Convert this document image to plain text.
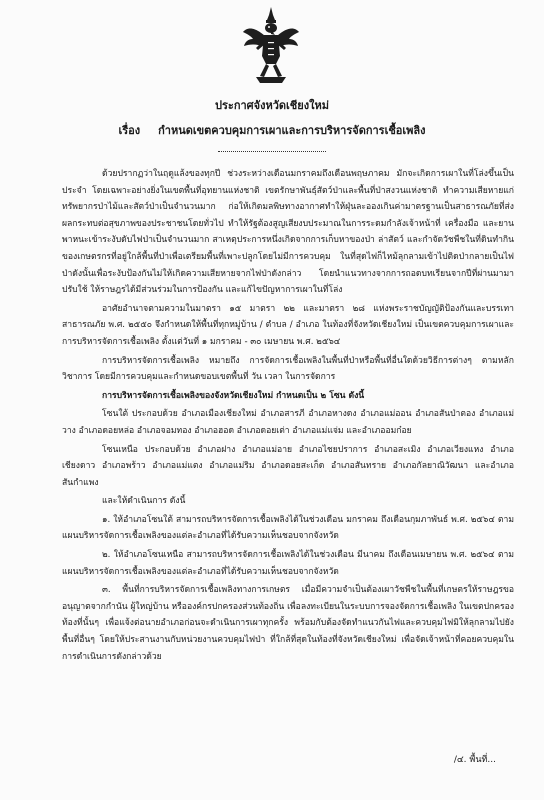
ประกาศจังหวัดเชียงใหม่
เรื่อง กำหนดเขตควบคุมการเผาและการบริหารจัดการเชื้อเพลิง

ด้วยปรากฏว่าในฤดูแล้งของทุกปี ช่วงระหว่างเดือนมกราคมถึงเดือนพฤษภาคม มักจะเกิดการเผาในที่โล่งขึ้นเป็นประจำ โดยเฉพาะอย่างยิ่งในเขตพื้นที่อุทยานแห่งชาติ เขตรักษาพันธุ์สัตว์ป่าและพื้นที่ป่าสงวนแห่งชาติ ทำความเสียหายแก่ทรัพยากรป่าไม้และสัตว์ป่าเป็นจำนวนมาก ก่อให้เกิดมลพิษทางอากาศทำให้ฝุ่นละอองเกินค่ามาตรฐานเป็นสาธารณภัยที่ส่งผลกระทบต่อสุขภาพของประชาชนโดยทั่วไป ทำให้รัฐต้องสูญเสียงบประมาณในการระดมกำลังเจ้าหน้าที่ เครื่องมือ และยานพาหนะเข้าระงับดับไฟป่าเป็นจำนวนมาก สาเหตุประการหนึ่งเกิดจากการเก็บหาของป่า ล่าสัตว์ และกำจัดวัชพืชในที่ดินทำกินของเกษตรกรที่อยู่ใกล้พื้นที่ป่าเพื่อเตรียมพื้นที่เพาะปลูกโดยไม่มีการควบคุม ในที่สุดไฟก็ไหม้ลุกลามเข้าไปติดป่ากลายเป็นไฟป่าดังนั้นเพื่อระงับป้องกันไม่ให้เกิดความเสียหายจากไฟป่าดังกล่าว โดยนำแนวทางจากการถอดบทเรียนจากปีที่ผ่านมามาปรับใช้ ให้ราษฎรได้มีส่วนร่วมในการป้องกัน และแก้ไขปัญหาการเผาในที่โล่ง

อาศัยอำนาจตามความในมาตรา ๑๕ มาตรา ๒๒ และมาตรา ๒๘ แห่งพระราชบัญญัติป้องกันและบรรเทาสาธารณภัย พ.ศ. ๒๕๕๐ จึงกำหนดให้พื้นที่ทุกหมู่บ้าน / ตำบล / อำเภอ ในท้องที่จังหวัดเชียงใหม่ เป็นเขตควบคุมการเผาและการบริหารจัดการเชื้อเพลิง ตั้งแต่วันที่ ๑ มกราคม - ๓๐ เมษายน พ.ศ. ๒๕๖๔

การบริหารจัดการเชื้อเพลิง หมายถึง การจัดการเชื้อเพลิงในพื้นที่ป่าหรือพื้นที่อื่นใดด้วยวิธีการต่างๆ ตามหลักวิชาการ โดยมีการควบคุมและกำหนดขอบเขตพื้นที่ วัน เวลา ในการจัดการ

การบริหารจัดการเชื้อเพลิงของจังหวัดเชียงใหม่ กำหนดเป็น ๒ โซน ดังนี้

โซนใต้ ประกอบด้วย อำเภอเมืองเชียงใหม่ อำเภอสารภี อำเภอหางดง อำเภอแม่ออน อำเภอสันป่าตอง อำเภอแม่วาง อำเภอดอยหล่อ อำเภอจอมทอง อำเภอฮอด อำเภอดอยเต่า อำเภอแม่แจ่ม และอำเภออมก๋อย

โซนเหนือ ประกอบด้วย อำเภอฝาง อำเภอแม่อาย อำเภอไชยปราการ อำเภอสะเมิง อำเภอเวียงแหง อำเภอเชียงดาว อำเภอพร้าว อำเภอแม่แตง อำเภอแม่ริม อำเภอดอยสะเก็ด อำเภอสันทราย อำเภอกัลยาณิวัฒนา และอำเภอสันกำแพง

และให้ดำเนินการ ดังนี้

๑. ให้อำเภอโซนใต้ สามารถบริหารจัดการเชื้อเพลิงได้ในช่วงเดือน มกราคม ถึงเดือนกุมภาพันธ์ พ.ศ. ๒๕๖๔ ตามแผนบริหารจัดการเชื้อเพลิงของแต่ละอำเภอที่ได้รับความเห็นชอบจากจังหวัด

๒. ให้อำเภอโซนเหนือ สามารถบริหารจัดการเชื้อเพลิงได้ในช่วงเดือน มีนาคม ถึงเดือนเมษายน พ.ศ. ๒๕๖๔ ตามแผนบริหารจัดการเชื้อเพลิงของแต่ละอำเภอที่ได้รับความเห็นชอบจากจังหวัด

๓. พื้นที่การบริหารจัดการเชื้อเพลิงทางการเกษตร เมื่อมีความจำเป็นต้องเผาวัชพืชในพื้นที่เกษตรให้ราษฎรขออนุญาตจากกำนัน ผู้ใหญ่บ้าน หรือองค์กรปกครองส่วนท้องถิ่น เพื่อลงทะเบียนในระบบการจองจัดการเชื้อเพลิง ในเขตปกครองท้องที่นั้นๆ เพื่อแจ้งต่อนายอำเภอก่อนจะดำเนินการเผาทุกครั้ง พร้อมกับต้องจัดทำแนวกันไฟและควบคุมไฟมิให้ลุกลามไปยังพื้นที่อื่นๆ โดยให้ประสานงานกับหน่วยงานควบคุมไฟป่า ที่ใกล้ที่สุดในท้องที่จังหวัดเชียงใหม่ เพื่อจัดเจ้าหน้าที่คอยควบคุมในการดำเนินการดังกล่าวด้วย

/๔. พื้นที่...
